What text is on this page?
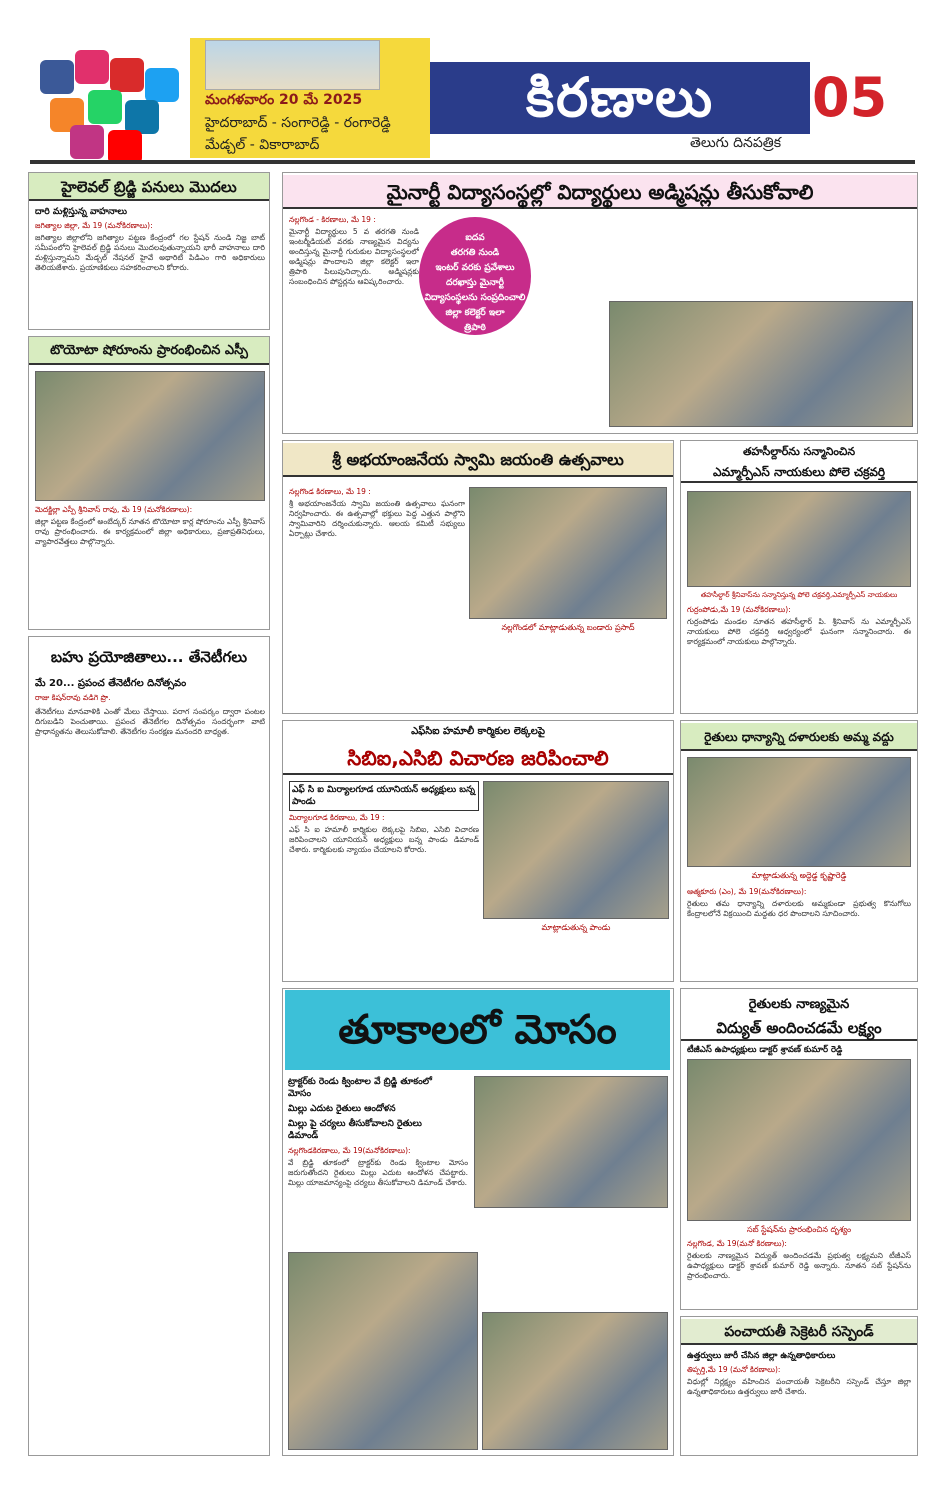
మంగళవారం 20 మే 2025
హైదరాబాద్ - సంగారెడ్డి - రంగారెడ్డి
మేడ్చల్ - వికారాబాద్
కిరణాలు	05
తెలుగు దినపత్రిక
హైలెవల్ బ్రిడ్జి పనులు మొదలు
దారి మళ్లిస్తున్న వాహనాలు
జగిత్యాల జిల్లా, మే 19 (మనోకిరణాలు):
జగిత్యాల జిల్లాలోని జగిత్యాల పట్టణ కేంద్రంలో గల స్టేషన్ నుండి నిజ్జ బాట్ సమీపంలోని హైలెవల్ బ్రిడ్జి పనులు మొదలవుతున్నాయని భారీ వాహనాలు దారి మళ్లిస్తున్నామని మేడ్చల్ నేషనల్ హైవే అథారిటీ పిడిఎం గారి అధికారులు తెలియజేశారు. ప్రయాణికులు సహకరించాలని కోరారు.
టొయోటా షోరూంను ప్రారంభించిన ఎస్పీ
మెదక్జిల్లా ఎస్పీ శ్రీనివాస్ రావు, మే 19 (మనోకిరణాలు):
జిల్లా పట్టణ కేంద్రంలో అంబేద్కర్ నూతన టొయోటా కార్ల షోరూంను ఎస్పీ శ్రీనివాస్ రావు ప్రారంభించారు. ఈ కార్యక్రమంలో జిల్లా అధికారులు, ప్రజాప్రతినిధులు, వ్యాపారవేత్తలు పాల్గొన్నారు.
బహు ప్రయోజితాలు... తేనెటీగలు
మే 20... ప్రపంచ తేనెటీగల దినోత్సవం
రాజు కిషన్‌రావు వడిగె ప్రొ.
తేనెటీగలు మానవాళికి ఎంతో మేలు చేస్తాయి. పరాగ సంపర్కం ద్వారా పంటల దిగుబడిని పెంచుతాయి. ప్రపంచ తేనెటీగల దినోత్సవం సందర్భంగా వాటి ప్రాధాన్యతను తెలుసుకోవాలి. తేనెటీగల సంరక్షణ మనందరి బాధ్యత.
మైనార్టీ విద్యాసంస్థల్లో విద్యార్థులు అడ్మిషన్లు తీసుకోవాలి
నల్లగొండ - కిరణాలు, మే 19 :
మైనార్టీ విద్యార్థులు 5 వ తరగతి నుండి ఇంటర్మీడియట్ వరకు నాణ్యమైన విద్యను అందిస్తున్న మైనార్టీ గురుకుల విద్యాసంస్థలలో అడ్మిషన్లు పొందాలని జిల్లా కలెక్టర్ ఇలా త్రిపాఠి పిలుపునిచ్చారు. అడ్మిషన్లకు సంబంధించిన పోస్టర్లను ఆవిష్కరించారు.
ఐదవ
తరగతి నుండి
ఇంటర్ వరకు ప్రవేశాలు
దరఖాస్తు మైనార్టీ
విద్యాసంస్థలను సంప్రదించాలి
జిల్లా కలెక్టర్ ఇలా
త్రిపాఠి
శ్రీ అభయాంజనేయ స్వామి జయంతి ఉత్సవాలు
నల్లగొండ కిరణాలు, మే 19 :
శ్రీ అభయాంజనేయ స్వామి జయంతి ఉత్సవాలు ఘనంగా నిర్వహించారు. ఈ ఉత్సవాల్లో భక్తులు పెద్ద ఎత్తున పాల్గొని స్వామివారిని దర్శించుకున్నారు. ఆలయ కమిటీ సభ్యులు ఏర్పాట్లు చేశారు.
నల్లగొండలో మాట్లాడుతున్న బండారు ప్రసాద్
తహసీల్దార్‌ను సన్మానించిన
ఎమ్మార్పీఎస్ నాయకులు పోలె చక్రవర్తి
తహసీల్దార్ శ్రీనివాస్‌ను సన్మానిస్తున్న పోలె చక్రవర్తి,ఎమ్మార్పీఎస్ నాయకులు
గుర్రంపోడు,మే 19 (మనోకిరణాలు):
గుర్రంపోడు మండల నూతన తహసీల్దార్ పి. శ్రీనివాస్ ను ఎమ్మార్పీఎస్ నాయకులు పోలె చక్రవర్తి ఆధ్వర్యంలో ఘనంగా సన్మానించారు. ఈ కార్యక్రమంలో నాయకులు పాల్గొన్నారు.
ఎఫ్‌సిఐ హమాలీ కార్మికుల లెక్కలపై
సిబిఐ,ఎసిబి విచారణ జరిపించాలి
ఎఫ్ సి ఐ మిర్యాలగూడ యూనియన్ అధ్యక్షులు బన్న పాండు
మిర్యాలగూడ కిరణాలు, మే 19 :
ఎఫ్ సి ఐ హమాలీ కార్మికుల లెక్కలపై సిబిఐ, ఎసిబి విచారణ జరిపించాలని యూనియన్ అధ్యక్షులు బన్న పాండు డిమాండ్ చేశారు. కార్మికులకు న్యాయం చేయాలని కోరారు.
మాట్లాడుతున్న పాండు
రైతులు ధాన్యాన్ని దళారులకు అమ్మ వద్దు
మాట్లాడుతున్న అద్దెడ్డ కృష్ణారెడ్డి
ఆత్మకూరు (ఎం), మే 19(మనోకిరణాలు):
రైతులు తమ ధాన్యాన్ని దళారులకు అమ్మకుండా ప్రభుత్వ కొనుగోలు కేంద్రాలలోనే విక్రయించి మద్దతు ధర పొందాలని సూచించారు.
తూకాలలో మోసం
ట్రాక్టర్‌కు రెండు క్వింటాల వే బ్రిడ్జి తూకంలో
మోసం
మిల్లు ఎదుట రైతులు ఆందోళన
మిల్లు పై చర్యలు తీసుకోవాలని రైతులు
డిమాండ్
నల్లగొండకిరణాలు, మే 19(మనోకిరణాలు):
వే బ్రిడ్జి తూకంలో ట్రాక్టర్‌కు రెండు క్వింటాల మోసం జరుగుతోందని రైతులు మిల్లు ఎదుట ఆందోళన చేపట్టారు. మిల్లు యాజమాన్యంపై చర్యలు తీసుకోవాలని డిమాండ్ చేశారు.
రైతులకు నాణ్యమైన
విద్యుత్ అందించడమే లక్ష్యం
టీజీఎస్ ఉపాధ్యక్షులు డాక్టర్ శ్రావణ్ కుమార్ రెడ్డి
సబ్ స్టేషన్‌ను ప్రారంభించిన దృశ్యం
నల్లగొండ, మే 19(మనో కిరణాలు):
రైతులకు నాణ్యమైన విద్యుత్ అందించడమే ప్రభుత్వ లక్ష్యమని టీజీఎస్ ఉపాధ్యక్షులు డాక్టర్ శ్రావణ్ కుమార్ రెడ్డి అన్నారు. నూతన సబ్ స్టేషన్‌ను ప్రారంభించారు.
పంచాయతీ సెక్రెటరీ సస్పెండ్
ఉత్తర్వులు జారీ చేసిన జిల్లా ఉన్నతాధికారులు
తిప్పర్తి,మే 19 (మనో కిరణాలు):
విధుల్లో నిర్లక్ష్యం వహించిన పంచాయతీ సెక్రెటరీని సస్పెండ్ చేస్తూ జిల్లా ఉన్నతాధికారులు ఉత్తర్వులు జారీ చేశారు.
